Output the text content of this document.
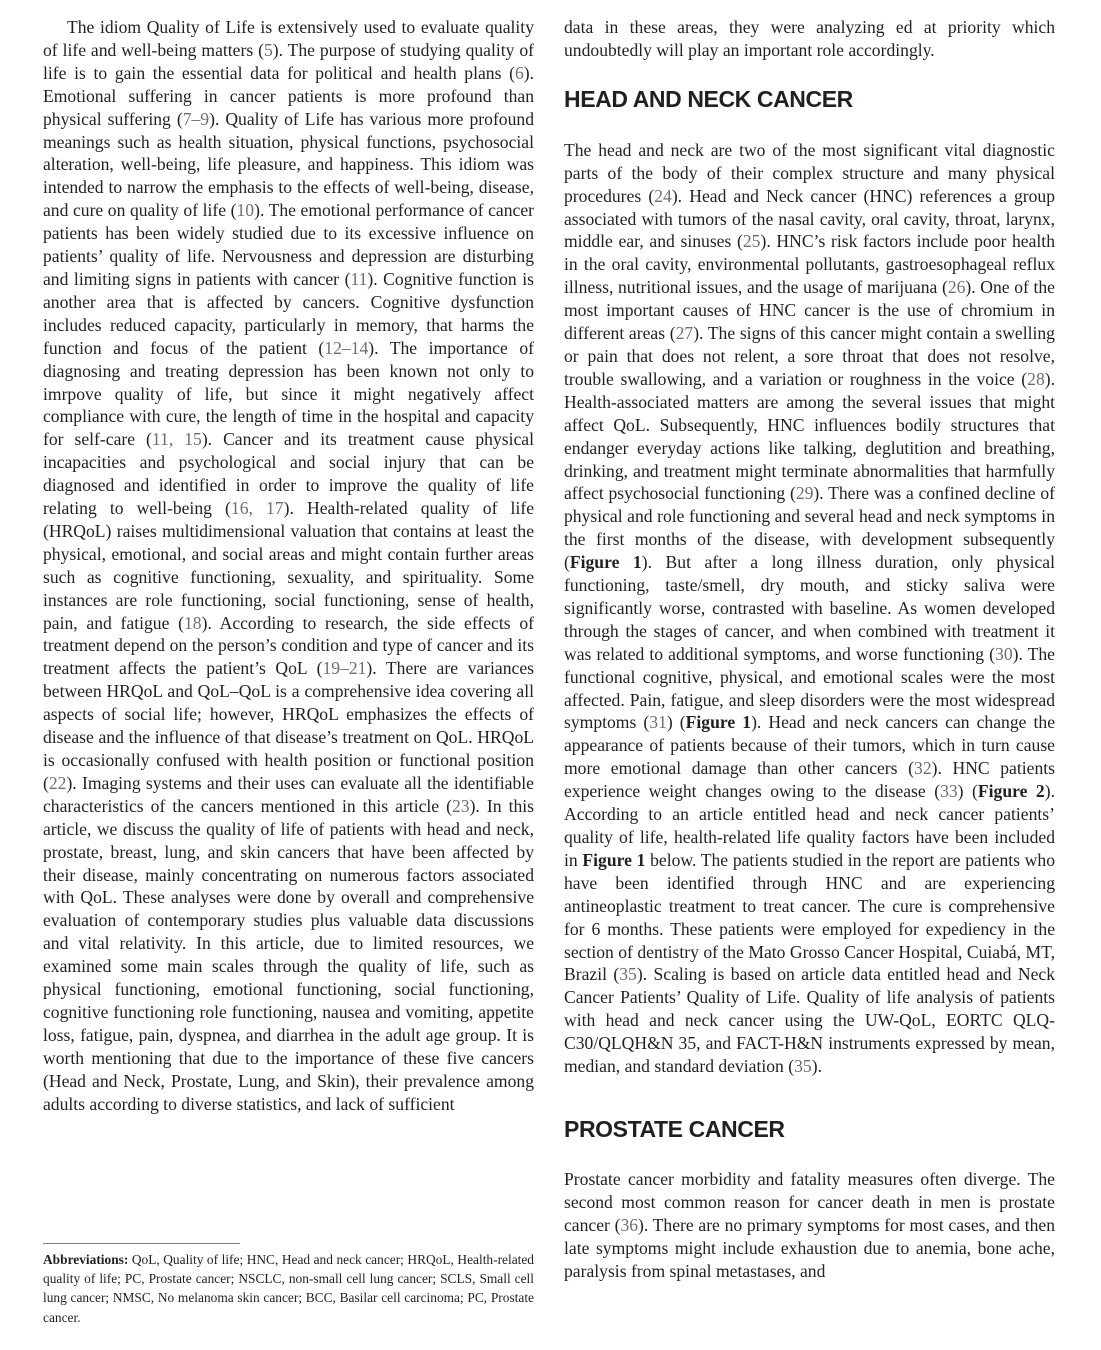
The idiom Quality of Life is extensively used to evaluate quality of life and well-being matters (5). The purpose of studying quality of life is to gain the essential data for political and health plans (6). Emotional suffering in cancer patients is more profound than physical suffering (7–9). Quality of Life has various more profound meanings such as health situation, physical functions, psychosocial alteration, well-being, life pleasure, and happiness. This idiom was intended to narrow the emphasis to the effects of well-being, disease, and cure on quality of life (10). The emotional performance of cancer patients has been widely studied due to its excessive influence on patients’ quality of life. Nervousness and depression are disturbing and limiting signs in patients with cancer (11). Cognitive function is another area that is affected by cancers. Cognitive dysfunction includes reduced capacity, particularly in memory, that harms the function and focus of the patient (12–14). The importance of diagnosing and treating depression has been known not only to imrpove quality of life, but since it might negatively affect compliance with cure, the length of time in the hospital and capacity for self-care (11, 15). Cancer and its treatment cause physical incapacities and psychological and social injury that can be diagnosed and identified in order to improve the quality of life relating to well-being (16, 17). Health-related quality of life (HRQoL) raises multidimensional valuation that contains at least the physical, emotional, and social areas and might contain further areas such as cognitive functioning, sexuality, and spirituality. Some instances are role functioning, social functioning, sense of health, pain, and fatigue (18). According to research, the side effects of treatment depend on the person’s condition and type of cancer and its treatment affects the patient’s QoL (19–21). There are variances between HRQoL and QoL–QoL is a comprehensive idea covering all aspects of social life; however, HRQoL emphasizes the effects of disease and the influence of that disease’s treatment on QoL. HRQoL is occasionally confused with health position or functional position (22). Imaging systems and their uses can evaluate all the identifiable characteristics of the cancers mentioned in this article (23). In this article, we discuss the quality of life of patients with head and neck, prostate, breast, lung, and skin cancers that have been affected by their disease, mainly concentrating on numerous factors associated with QoL. These analyses were done by overall and comprehensive evaluation of contemporary studies plus valuable data discussions and vital relativity. In this article, due to limited resources, we examined some main scales through the quality of life, such as physical functioning, emotional functioning, social functioning, cognitive functioning role functioning, nausea and vomiting, appetite loss, fatigue, pain, dyspnea, and diarrhea in the adult age group. It is worth mentioning that due to the importance of these five cancers (Head and Neck, Prostate, Lung, and Skin), their prevalence among adults according to diverse statistics, and lack of sufficient

data in these areas, they were analyzing ed at priority which undoubtedly will play an important role accordingly.

HEAD AND NECK CANCER

The head and neck are two of the most significant vital diagnostic parts of the body of their complex structure and many physical procedures (24). Head and Neck cancer (HNC) references a group associated with tumors of the nasal cavity, oral cavity, throat, larynx, middle ear, and sinuses (25). HNC’s risk factors include poor health in the oral cavity, environmental pollutants, gastroesophageal reflux illness, nutritional issues, and the usage of marijuana (26). One of the most important causes of HNC cancer is the use of chromium in different areas (27). The signs of this cancer might contain a swelling or pain that does not relent, a sore throat that does not resolve, trouble swallowing, and a variation or roughness in the voice (28). Health-associated matters are among the several issues that might affect QoL. Subsequently, HNC influences bodily structures that endanger everyday actions like talking, deglutition and breathing, drinking, and treatment might terminate abnormalities that harmfully affect psychosocial functioning (29). There was a confined decline of physical and role functioning and several head and neck symptoms in the first months of the disease, with development subsequently (Figure 1). But after a long illness duration, only physical functioning, taste/smell, dry mouth, and sticky saliva were significantly worse, contrasted with baseline. As women developed through the stages of cancer, and when combined with treatment it was related to additional symptoms, and worse functioning (30). The functional cognitive, physical, and emotional scales were the most affected. Pain, fatigue, and sleep disorders were the most widespread symptoms (31) (Figure 1). Head and neck cancers can change the appearance of patients because of their tumors, which in turn cause more emotional damage than other cancers (32). HNC patients experience weight changes owing to the disease (33) (Figure 2). According to an article entitled head and neck cancer patients’ quality of life, health-related life quality factors have been included in Figure 1 below. The patients studied in the report are patients who have been identified through HNC and are experiencing antineoplastic treatment to treat cancer. The cure is comprehensive for 6 months. These patients were employed for expediency in the section of dentistry of the Mato Grosso Cancer Hospital, Cuiabá, MT, Brazil (35). Scaling is based on article data entitled head and Neck Cancer Patients’ Quality of Life. Quality of life analysis of patients with head and neck cancer using the UW-QoL, EORTC QLQ-C30/QLQH&N 35, and FACT-H&N instruments expressed by mean, median, and standard deviation (35).

PROSTATE CANCER

Prostate cancer morbidity and fatality measures often diverge. The second most common reason for cancer death in men is prostate cancer (36). There are no primary symptoms for most cases, and then late symptoms might include exhaustion due to anemia, bone ache, paralysis from spinal metastases, and

Abbreviations: QoL, Quality of life; HNC, Head and neck cancer; HRQoL, Health-related quality of life; PC, Prostate cancer; NSCLC, non-small cell lung cancer; SCLS, Small cell lung cancer; NMSC, No melanoma skin cancer; BCC, Basilar cell carcinoma; PC, Prostate cancer.
